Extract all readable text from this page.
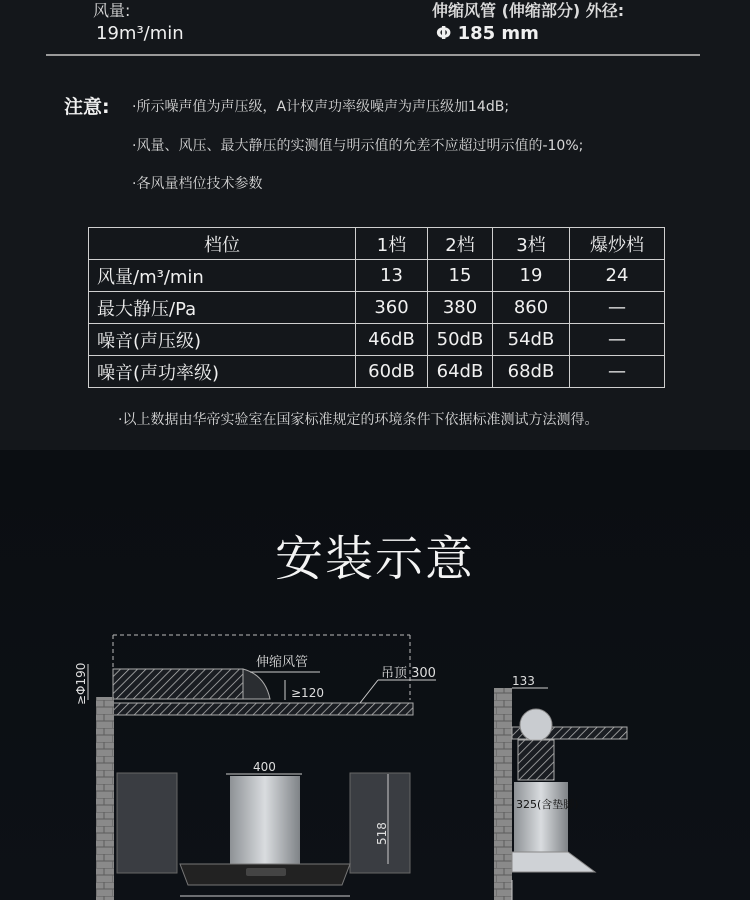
风量:
19m³/min
伸缩风管 (伸缩部分) 外径:
Φ 185 mm
注意: ·所示噪声值为声压级，A计权声功率级噪声为声压级加14dB;
·风量、风压、最大静压的实测值与明示值的允差不应超过明示值的-10%;
·各风量档位技术参数
档位	1档	2档	3档	爆炒档
风量/m³/min	13	15	19	24
最大静压/Pa	360	380	860	—
噪音(声压级)	46dB	50dB	54dB	—
噪音(声功率级)	60dB	64dB	68dB	—
·以上数据由华帝实验室在国家标准规定的环境条件下依据标准测试方法测得。
安装示意
≥Φ190
伸缩风管
≥120
吊顶 300
400
518
133
325(含垫脚)
